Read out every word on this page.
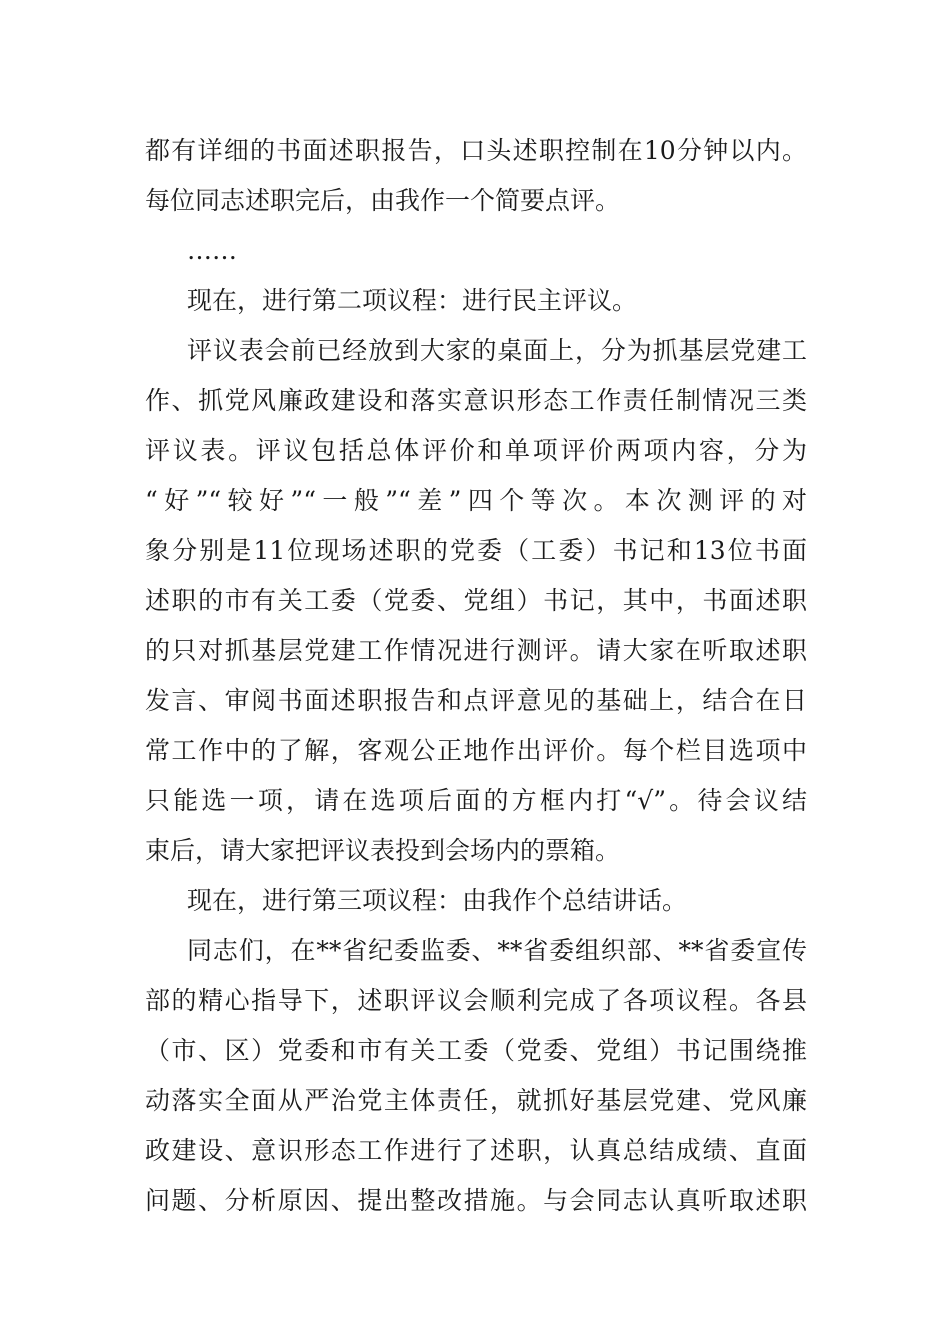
都有详细的书面述职报告，口头述职控制在10分钟以内。
每位同志述职完后，由我作一个简要点评。
……
现在，进行第二项议程：进行民主评议。
评议表会前已经放到大家的桌面上，分为抓基层党建工
作、抓党风廉政建设和落实意识形态工作责任制情况三类
评议表。评议包括总体评价和单项评价两项内容，分为
“好”“较好”“一般”“差”四个等次。本次测评的对
象分别是11位现场述职的党委（工委）书记和13位书面
述职的市有关工委（党委、党组）书记，其中，书面述职
的只对抓基层党建工作情况进行测评。请大家在听取述职
发言、审阅书面述职报告和点评意见的基础上，结合在日
常工作中的了解，客观公正地作出评价。每个栏目选项中
只能选一项，请在选项后面的方框内打“√”。待会议结
束后，请大家把评议表投到会场内的票箱。
现在，进行第三项议程：由我作个总结讲话。
同志们，在**省纪委监委、**省委组织部、**省委宣传
部的精心指导下，述职评议会顺利完成了各项议程。各县
（市、区）党委和市有关工委（党委、党组）书记围绕推
动落实全面从严治党主体责任，就抓好基层党建、党风廉
政建设、意识形态工作进行了述职，认真总结成绩、直面
问题、分析原因、提出整改措施。与会同志认真听取述职
